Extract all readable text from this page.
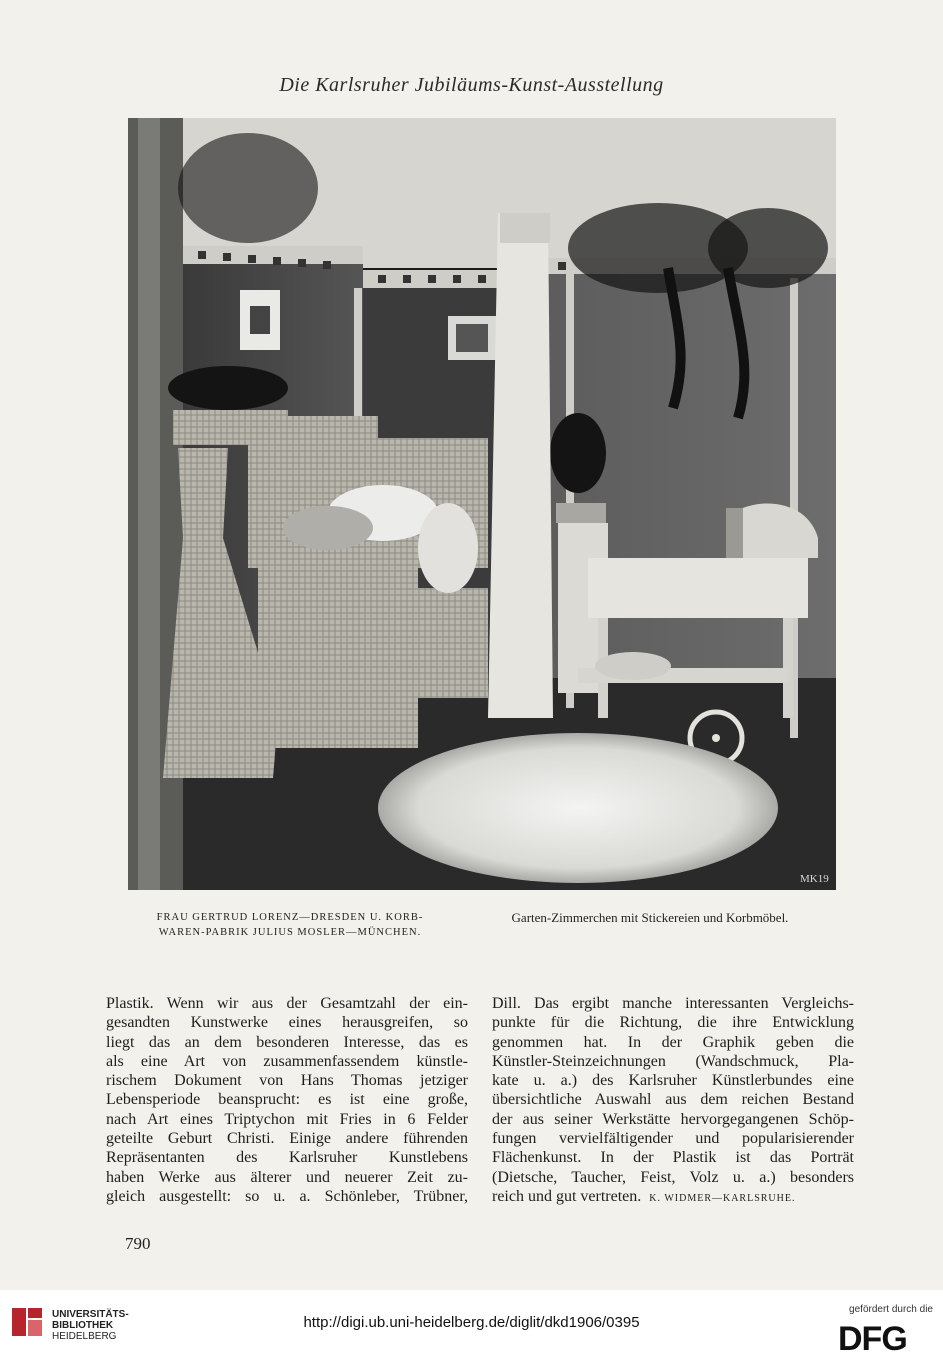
Die Karlsruher Jubiläums-Kunst-Ausstellung
MK19
FRAU GERTRUD LORENZ—DRESDEN U. KORB-
WAREN-PABRIK JULIUS MOSLER—MÜNCHEN.
Garten-Zimmerchen mit Stickereien und Korbmöbel.

Plastik. Wenn wir aus der Gesamtzahl der ein-

gesandten Kunstwerke eines herausgreifen, so

liegt das an dem besonderen Interesse, das es

als eine Art von zusammenfassendem künstle-

rischem Dokument von Hans Thomas jetziger

Lebensperiode beansprucht: es ist eine große,

nach Art eines Triptychon mit Fries in 6 Felder

geteilte Geburt Christi. Einige andere führenden

Repräsentanten des Karlsruher Kunstlebens

haben Werke aus älterer und neuerer Zeit zu-

gleich ausgestellt: so u. a. Schönleber, Trübner,

Dill. Das ergibt manche interessanten Vergleichs-

punkte für die Richtung, die ihre Entwicklung

genommen hat. In der Graphik geben die

Künstler-Steinzeichnungen (Wandschmuck, Pla-

kate u. a.) des Karlsruher Künstlerbundes eine

übersichtliche Auswahl aus dem reichen Bestand

der aus seiner Werkstätte hervorgegangenen Schöp-

fungen vervielfältigender und popularisierender

Flächenkunst. In der Plastik ist das Porträt

(Dietsche, Taucher, Feist, Volz u. a.) besonders

reich und gut vertreten. K. WIDMER—KARLSRUHE.

790
UNIVERSITÄTS-
BIBLIOTHEK
HEIDELBERG
http://digi.ub.uni-heidelberg.de/diglit/dkd1906/0395
gefördert durch die
DFG
